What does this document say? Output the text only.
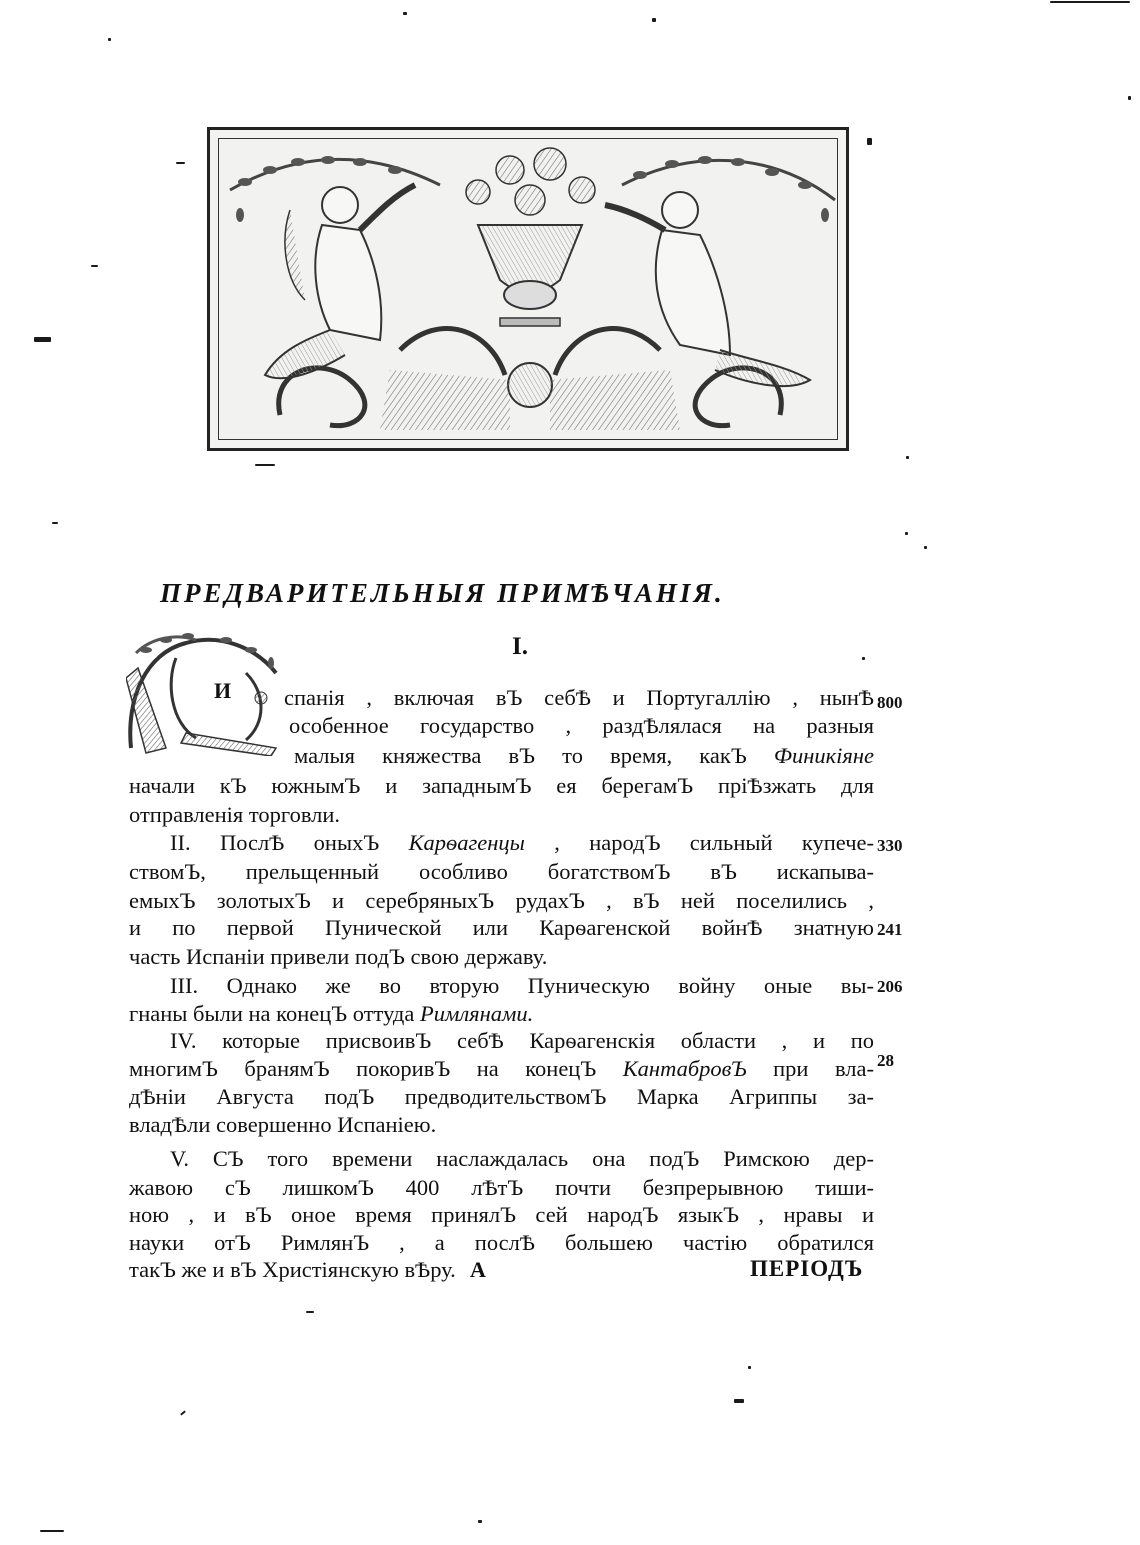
ПРЕДВАРИТЕЛЬНЫЯ ПРИМѢЧАНІЯ.
I.
И спанія , включая вЪ себѢ и Португаллію , нынѢ
особенное государство , раздѢлялася на разныя
малыя княжества вЪ то время, какЪ Финикіяне
начали кЪ южнымЪ и западнымЪ ея берегамЪ пріѢзжать для
отправленія торговли.
II. ПослѢ оныхЪ Карѳагенцы , народЪ сильный купече-
ствомЪ, прельщенный особливо богатствомЪ вЪ искапыва-
емыхЪ золотыхЪ и серебряныхЪ рудахЪ , вЪ ней поселились ,
и по первой Пунической или Карѳагенской войнѢ знатную
часть Испаніи привели подЪ свою державу.
III. Однако же во вторую Пуническую войну оные вы-
гнаны были на конецЪ оттуда Римлянами.
IV. которые присвоивЪ себѢ Карѳагенскія области , и по
многимЪ бранямЪ покоривЪ на конецЪ КантабровЪ при вла-
дѢніи Августа подЪ предводительствомЪ Марка Агриппы за-
владѢли совершенно Испаніею.
V. СЪ того времени наслаждалась она подЪ Римскою дер-
жавою сЪ лишкомЪ 400 лѢтЪ почти безпрерывною тиши-
ною , и вЪ оное время принялЪ сей народЪ языкЪ , нравы и
науки отЪ РимлянЪ , а послѢ большею частію обратился
такЪ же и вЪ Христіянскую вѢру.
800
330
241
206
28
А	ПЕРІОДЪ
